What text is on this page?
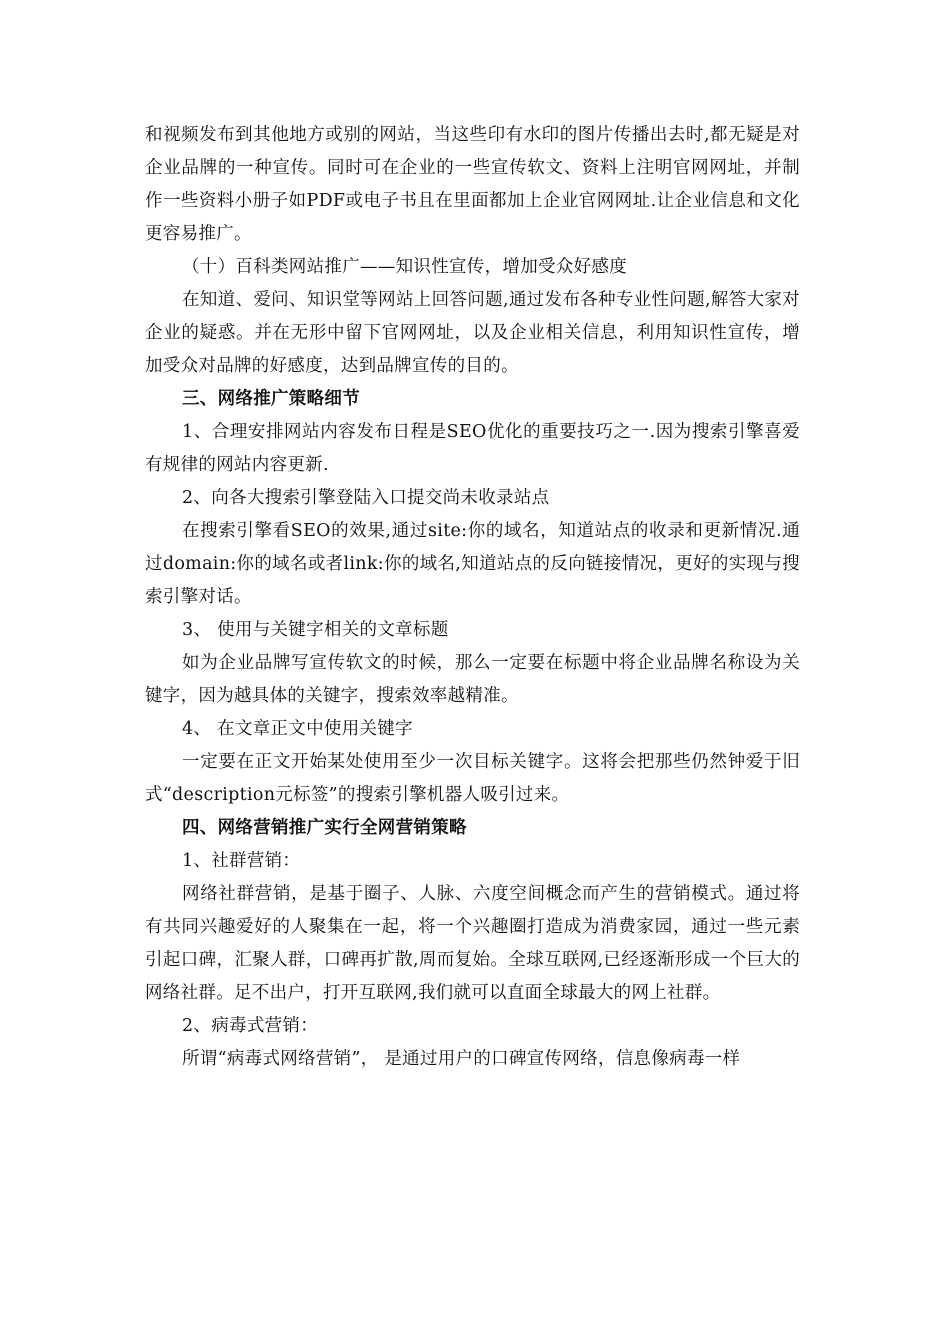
和视频发布到其他地方或别的网站，当这些印有水印的图片传播出去时,都无疑是对企业品牌的一种宣传。同时可在企业的一些宣传软文、资料上注明官网网址，并制作一些资料小册子如PDF或电子书且在里面都加上企业官网网址.让企业信息和文化更容易推广。

（十）百科类网站推广——知识性宣传，增加受众好感度

在知道、爱问、知识堂等网站上回答问题,通过发布各种专业性问题,解答大家对企业的疑惑。并在无形中留下官网网址，以及企业相关信息，利用知识性宣传，增加受众对品牌的好感度，达到品牌宣传的目的。

三、网络推广策略细节

1、合理安排网站内容发布日程是SEO优化的重要技巧之一.因为搜索引擎喜爱有规律的网站内容更新.

2、向各大搜索引擎登陆入口提交尚未收录站点

在搜索引擎看SEO的效果,通过site:你的域名，知道站点的收录和更新情况.通过domain:你的域名或者link:你的域名,知道站点的反向链接情况，更好的实现与搜索引擎对话。

3、 使用与关键字相关的文章标题

如为企业品牌写宣传软文的时候，那么一定要在标题中将企业品牌名称设为关键字，因为越具体的关键字，搜索效率越精准。

4、 在文章正文中使用关键字

一定要在正文开始某处使用至少一次目标关键字。这将会把那些仍然钟爱于旧式“description元标签”的搜索引擎机器人吸引过来。

四、网络营销推广实行全网营销策略

1、社群营销：

网络社群营销，是基于圈子、人脉、六度空间概念而产生的营销模式。通过将有共同兴趣爱好的人聚集在一起，将一个兴趣圈打造成为消费家园，通过一些元素引起口碑，汇聚人群，口碑再扩散,周而复始。全球互联网,已经逐渐形成一个巨大的网络社群。足不出户，打开互联网,我们就可以直面全球最大的网上社群。

2、病毒式营销：

所谓“病毒式网络营销”， 是通过用户的口碑宣传网络，信息像病毒一样
